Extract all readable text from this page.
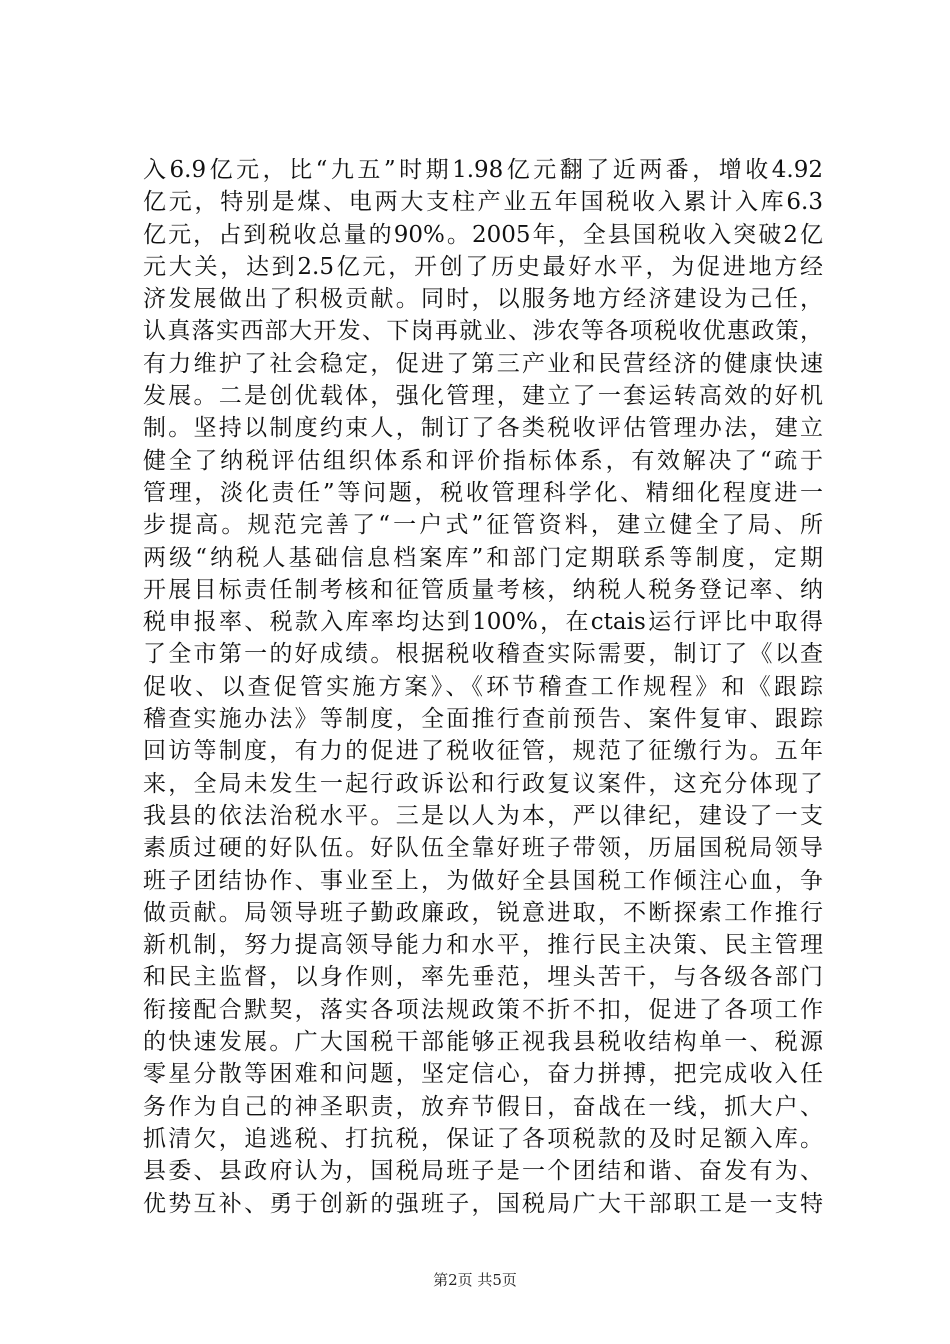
入6.9亿元，比“九五”时期1.98亿元翻了近两番，增收4.92
亿元，特别是煤、电两大支柱产业五年国税收入累计入库6.3
亿元，占到税收总量的90%。2005年，全县国税收入突破2亿
元大关，达到2.5亿元，开创了历史最好水平，为促进地方经
济发展做出了积极贡献。同时，以服务地方经济建设为己任，
认真落实西部大开发、下岗再就业、涉农等各项税收优惠政策，
有力维护了社会稳定，促进了第三产业和民营经济的健康快速
发展。二是创优载体，强化管理，建立了一套运转高效的好机
制。坚持以制度约束人，制订了各类税收评估管理办法，建立
健全了纳税评估组织体系和评价指标体系，有效解决了“疏于
管理，淡化责任”等问题，税收管理科学化、精细化程度进一
步提高。规范完善了“一户式”征管资料，建立健全了局、所
两级“纳税人基础信息档案库”和部门定期联系等制度，定期
开展目标责任制考核和征管质量考核，纳税人税务登记率、纳
税申报率、税款入库率均达到100%，在ctais运行评比中取得
了全市第一的好成绩。根据税收稽查实际需要，制订了《以查
促收、以查促管实施方案》、《环节稽查工作规程》和《跟踪
稽查实施办法》等制度，全面推行查前预告、案件复审、跟踪
回访等制度，有力的促进了税收征管，规范了征缴行为。五年
来，全局未发生一起行政诉讼和行政复议案件，这充分体现了
我县的依法治税水平。三是以人为本，严以律纪，建设了一支
素质过硬的好队伍。好队伍全靠好班子带领，历届国税局领导
班子团结协作、事业至上，为做好全县国税工作倾注心血，争
做贡献。局领导班子勤政廉政，锐意进取，不断探索工作推行
新机制，努力提高领导能力和水平，推行民主决策、民主管理
和民主监督，以身作则，率先垂范，埋头苦干，与各级各部门
衔接配合默契，落实各项法规政策不折不扣，促进了各项工作
的快速发展。广大国税干部能够正视我县税收结构单一、税源
零星分散等困难和问题，坚定信心，奋力拼搏，把完成收入任
务作为自己的神圣职责，放弃节假日，奋战在一线，抓大户、
抓清欠，追逃税、打抗税，保证了各项税款的及时足额入库。
县委、县政府认为，国税局班子是一个团结和谐、奋发有为、
优势互补、勇于创新的强班子，国税局广大干部职工是一支特
第2页 共5页
